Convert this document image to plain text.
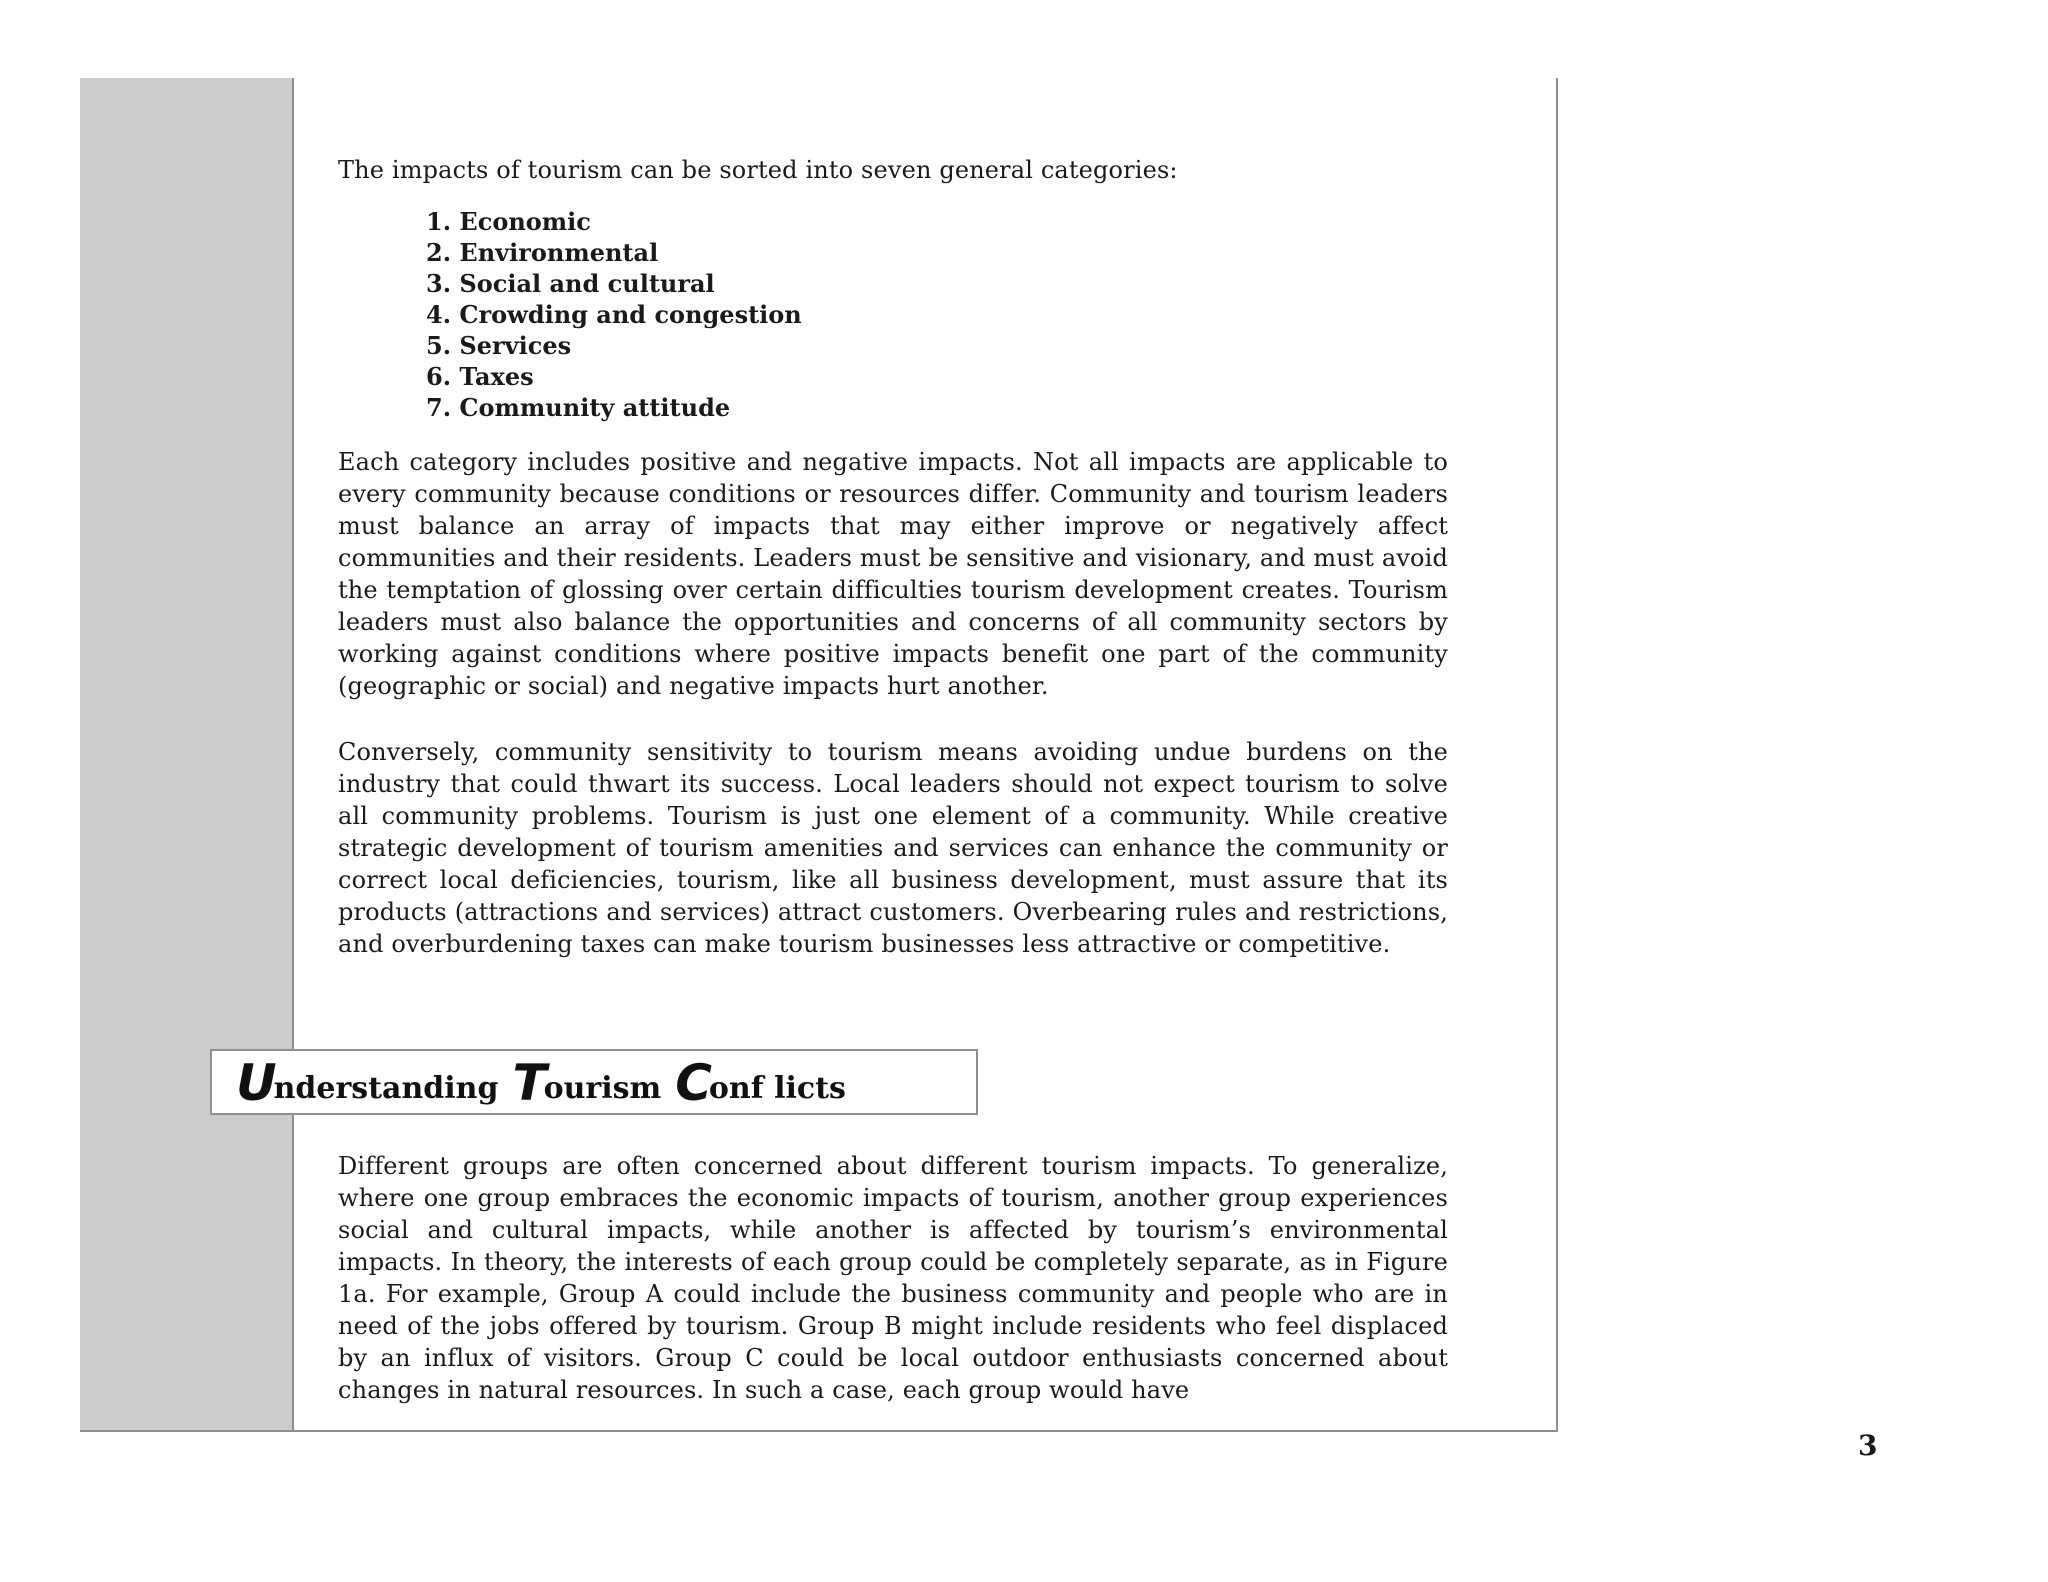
The impacts of tourism can be sorted into seven general categories:

1. Economic
2. Environmental
3. Social and cultural
4. Crowding and congestion
5. Services
6. Taxes
7. Community attitude

Each category includes positive and negative impacts. Not all impacts are applicable to every community because conditions or resources differ. Community and tourism leaders must balance an array of impacts that may either improve or negatively affect communities and their residents. Leaders must be sensitive and visionary, and must avoid the temptation of glossing over certain difficulties tourism development creates. Tourism leaders must also balance the opportunities and concerns of all community sectors by working against conditions where positive impacts benefit one part of the community (geographic or social) and negative impacts hurt another.

Conversely, community sensitivity to tourism means avoiding undue burdens on the industry that could thwart its success. Local leaders should not expect tourism to solve all community problems. Tourism is just one element of a community. While creative strategic development of tourism amenities and services can enhance the community or correct local deficiencies, tourism, like all business development, must assure that its products (attractions and services) attract customers. Overbearing rules and restrictions, and overburdening taxes can make tourism businesses less attractive or competitive.

Understanding Tourism Conf licts

Different groups are often concerned about different tourism impacts. To generalize, where one group embraces the economic impacts of tourism, another group experiences social and cultural impacts, while another is affected by tourism’s environmental impacts. In theory, the interests of each group could be completely separate, as in Figure 1a. For example, Group A could include the business community and people who are in need of the jobs offered by tourism. Group B might include residents who feel displaced by an influx of visitors. Group C could be local outdoor enthusiasts concerned about changes in natural resources. In such a case, each group would have

3
